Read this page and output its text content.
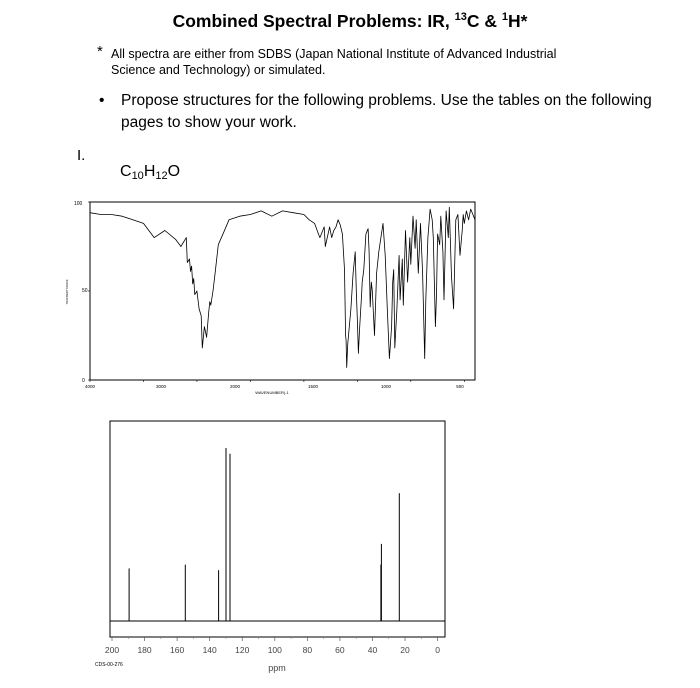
Combined Spectral Problems: IR, $^{13}$C & $^1$H*
* All spectra are either from SDBS (Japan National Institute of Advanced Industrial Science and Technology) or simulated.
• Propose structures for the following problems. Use the tables on the following pages to show your work.
I.
$C_{10}H_{12}O$
100
50
0
TRANSMITTANCE
4000	3000	2000	1500	1000	500
WAVENUMBER(-1
CDS-00-276	ppm
200 180 160 140 120 100 80	60	40	20	0
